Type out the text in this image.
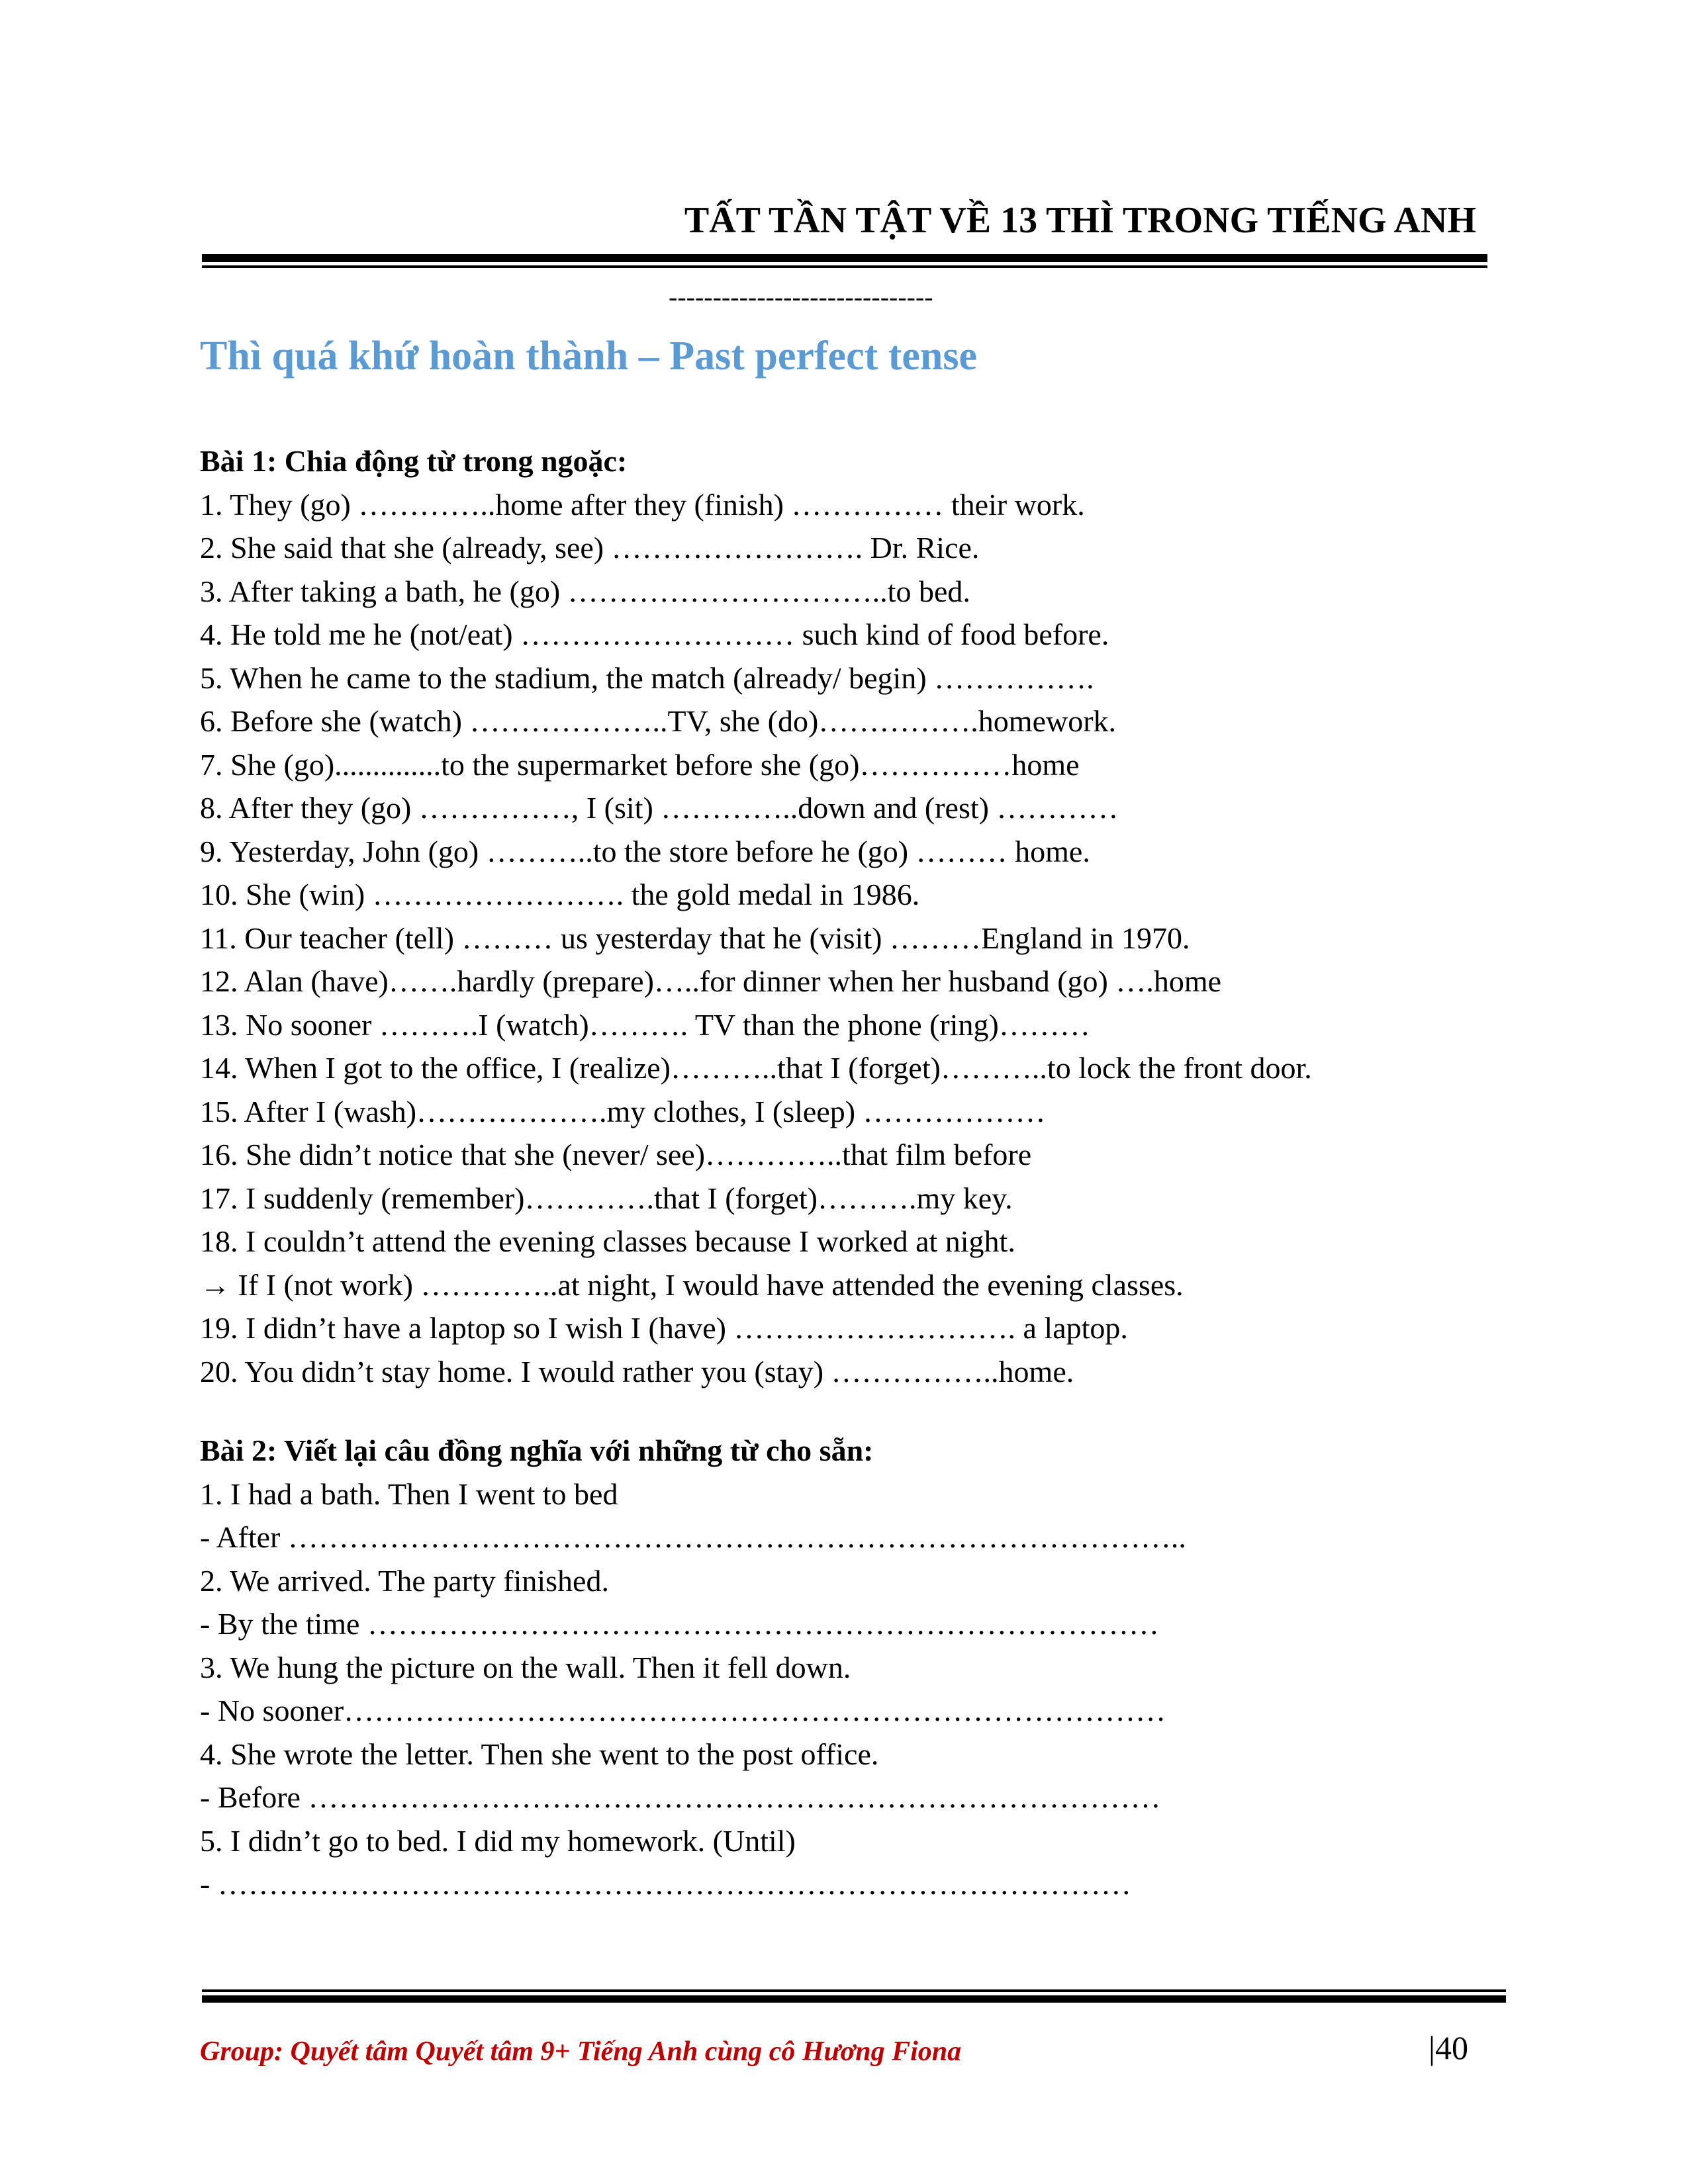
TẤT TẦN TẬT VỀ 13 THÌ TRONG TIẾNG ANH
------------------------------
Thì quá khứ hoàn thành – Past perfect tense
Bài 1: Chia động từ trong ngoặc:
1. They (go) …………..home after they (finish) …………… their work.
2. She said that she (already, see) ……………………. Dr. Rice.
3. After taking a bath, he (go) …………………………..to bed.
4. He told me he (not/eat) ……………………… such kind of food before.
5. When he came to the stadium, the match (already/ begin) …………….
6. Before she (watch) ………………..TV, she (do)…………….homework.
7. She (go)..............to the supermarket before she (go)……………home
8. After they (go) ……………, I (sit) …………..down and (rest) …………
9. Yesterday, John (go) ………..to the store before he (go) ……… home.
10. She (win) ……………………. the gold medal in 1986.
11. Our teacher (tell) ……… us yesterday that he (visit) ………England in 1970.
12. Alan (have)…….hardly (prepare)…..for dinner when her husband (go) ….home
13. No sooner ……….I (watch)………. TV than the phone (ring)………
14. When I got to the office, I (realize)………..that I (forget)………..to lock the front door.
15. After I (wash)……………….my clothes, I (sleep) ………………
16. She didn’t notice that she (never/ see)…………..that film before
17. I suddenly (remember)………….that I (forget)……….my key.
18. I couldn’t attend the evening classes because I worked at night.
→ If I (not work) …………..at night, I would have attended the evening classes.
19. I didn’t have a laptop so I wish I (have) ………………………. a laptop.
20. You didn’t stay home. I would rather you (stay) ……………..home.
Bài 2: Viết lại câu đồng nghĩa với những từ cho sẵn:
1. I had a bath. Then I went to bed
- After ……………………………………………………………………………..
2. We arrived. The party finished.
- By the time ……………………………………………………………………
3. We hung the picture on the wall. Then it fell down.
- No sooner………………………………………………………………………
4. She wrote the letter. Then she went to the post office.
- Before …………………………………………………………………………
5. I didn’t go to bed. I did my homework. (Until)
- ………………………………………………………………………………
Group: Quyết tâm Quyết tâm 9+ Tiếng Anh cùng cô Hương Fiona	|40
